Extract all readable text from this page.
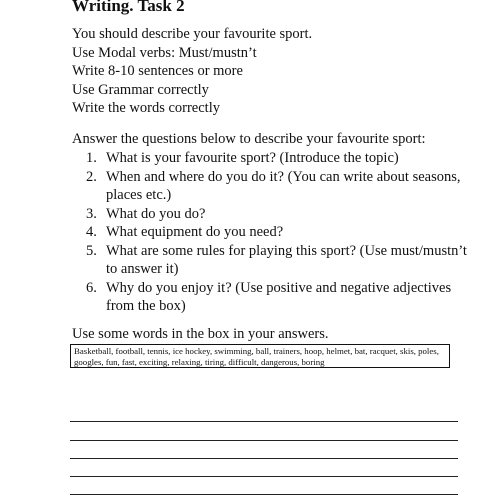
Writing. Task 2
You should describe your favourite sport.
Use Modal verbs: Must/mustn’t
Write 8-10 sentences or more
Use Grammar correctly
Write the words correctly
Answer the questions below to describe your favourite sport:
1. What is your favourite sport? (Introduce the topic)
2. When and where do you do it? (You can write about seasons, places etc.)
3. What do you do?
4. What equipment do you need?
5. What are some rules for playing this sport? (Use must/mustn’t to answer it)
6. Why do you enjoy it? (Use positive and negative adjectives from the box)
Use some words in the box in your answers.
Basketball, football, tennis, ice hockey, swimming, ball, trainers, hoop, helmet, bat, racquet, skis, poles, googles, fun, fast, exciting, relaxing, tiring, difficult, dangerous, boring
